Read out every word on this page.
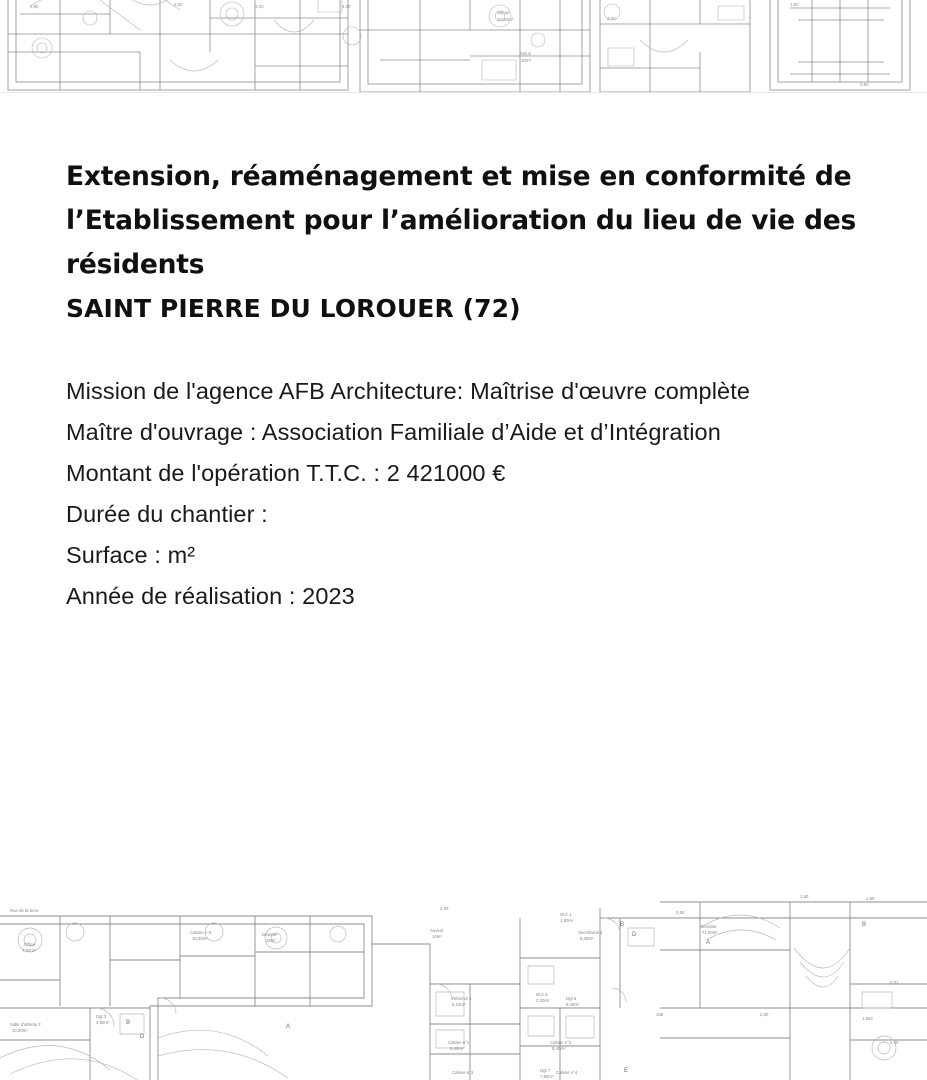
Séjour
33,20m²
Salon
30m²
3,00
2,80	2,50	3,20	4,20	1,80
0,90
Extension, réaménagement et mise en conformité de l’Etablissement pour l’amélioration du lieu de vie des résidents
SAINT PIERRE DU LOROUER (72)
Mission de l'agence AFB Architecture: Maîtrise d'œuvre complète
Maître d'ouvrage : Association Familiale d’Aide et d’Intégration
Montant de l'opération T.T.C. : 2 421000 €
Durée du chantier :
Surface : m²
Année de réalisation : 2023
Office
7,50m²
Cabine n°4
10,30m²
Détente
25m²
Auvent
14m²
Salle d'attente 2
10,20m²
Dgt 3
4,80m²
Réserve 1
6,10m²
Cabine n°1
5,40m²
W.C.4
2,20m²	Dgt 5
9,40m²
Cabine n°2
9,40m²
Cabine n°3	Dgt 7
7,50m²
Cabine n°4
Secrétariat 2
8,30m²
W.C.1
1,80m²
Terrasse
71,00m²
Rue de la terre	2,30
2,50
1,60	1,90
168	2,30
1,564
0,31
2,30
B
D
A
B
D
A
B
E
